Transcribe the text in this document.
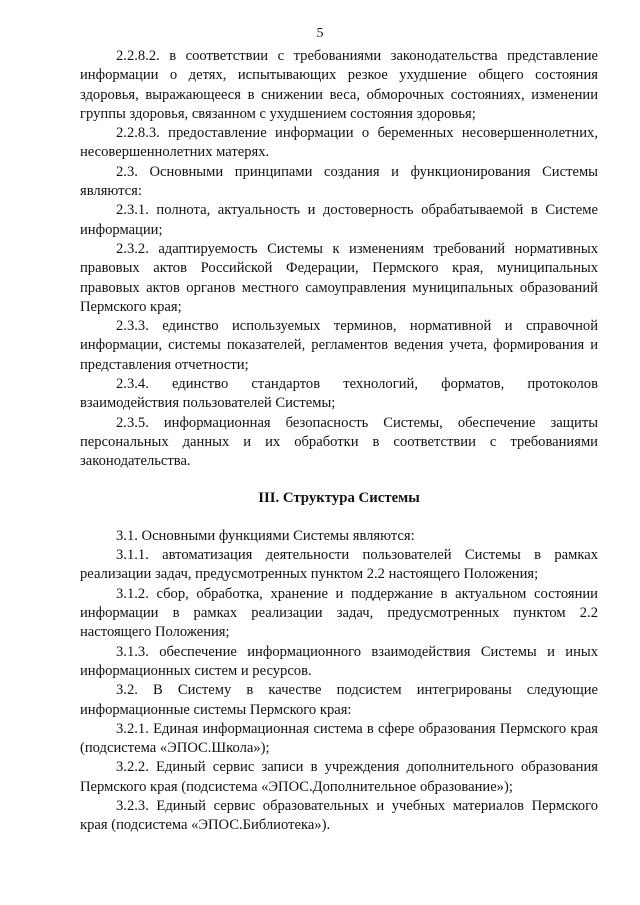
5

2.2.8.2. в соответствии с требованиями законодательства представление информации о детях, испытывающих резкое ухудшение общего состояния здоровья, выражающееся в снижении веса, обморочных состояниях, изменении группы здоровья, связанном с ухудшением состояния здоровья;

2.2.8.3. предоставление информации о беременных несовершеннолетних, несовершеннолетних матерях.

2.3. Основными принципами создания и функционирования Системы являются:

2.3.1. полнота, актуальность и достоверность обрабатываемой в Системе информации;

2.3.2. адаптируемость Системы к изменениям требований нормативных правовых актов Российской Федерации, Пермского края, муниципальных правовых актов органов местного самоуправления муниципальных образований Пермского края;

2.3.3. единство используемых терминов, нормативной и справочной информации, системы показателей, регламентов ведения учета, формирования и представления отчетности;

2.3.4. единство стандартов технологий, форматов, протоколов взаимодействия пользователей Системы;

2.3.5. информационная безопасность Системы, обеспечение защиты персональных данных и их обработки в соответствии с требованиями законодательства.

III. Структура Системы

3.1. Основными функциями Системы являются:

3.1.1. автоматизация деятельности пользователей Системы в рамках реализации задач, предусмотренных пунктом 2.2 настоящего Положения;

3.1.2. сбор, обработка, хранение и поддержание в актуальном состоянии информации в рамках реализации задач, предусмотренных пунктом 2.2 настоящего Положения;

3.1.3. обеспечение информационного взаимодействия Системы и иных информационных систем и ресурсов.

3.2. В Систему в качестве подсистем интегрированы следующие информационные системы Пермского края:

3.2.1. Единая информационная система в сфере образования Пермского края (подсистема «ЭПОС.Школа»);

3.2.2. Единый сервис записи в учреждения дополнительного образования Пермского края (подсистема «ЭПОС.Дополнительное образование»);

3.2.3. Единый сервис образовательных и учебных материалов Пермского края (подсистема «ЭПОС.Библиотека»).
